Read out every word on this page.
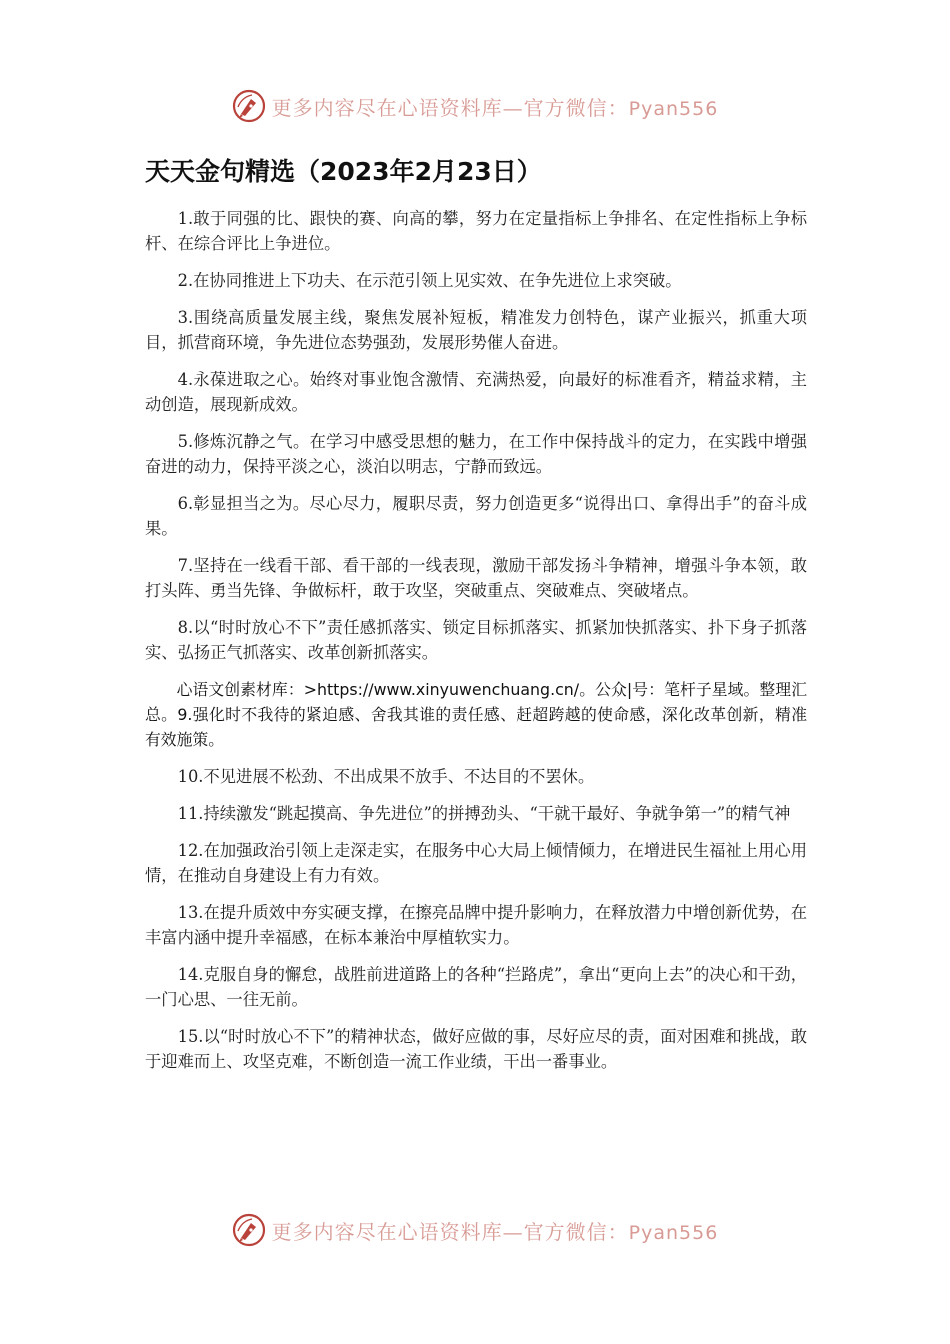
更多内容尽在心语资料库—官方微信：Pyan556
天天金句精选（2023年2月23日）

1.敢于同强的比、跟快的赛、向高的攀，努力在定量指标上争排名、在定性指标上争标杆、在综合评比上争进位。

2.在协同推进上下功夫、在示范引领上见实效、在争先进位上求突破。

3.围绕高质量发展主线，聚焦发展补短板，精准发力创特色，谋产业振兴，抓重大项目，抓营商环境，争先进位态势强劲，发展形势催人奋进。

4.永葆进取之心。始终对事业饱含激情、充满热爱，向最好的标准看齐，精益求精，主动创造，展现新成效。

5.修炼沉静之气。在学习中感受思想的魅力，在工作中保持战斗的定力，在实践中增强奋进的动力，保持平淡之心，淡泊以明志，宁静而致远。

6.彰显担当之为。尽心尽力，履职尽责，努力创造更多“说得出口、拿得出手”的奋斗成果。

7.坚持在一线看干部、看干部的一线表现，激励干部发扬斗争精神，增强斗争本领，敢打头阵、勇当先锋、争做标杆，敢于攻坚，突破重点、突破难点、突破堵点。

8.以“时时放心不下”责任感抓落实、锁定目标抓落实、抓紧加快抓落实、扑下身子抓落实、弘扬正气抓落实、改革创新抓落实。

心语文创素材库：>https://www.xinyuwenchuang.cn/。公众|号：笔杆子星域。整理汇总。9.强化时不我待的紧迫感、舍我其谁的责任感、赶超跨越的使命感，深化改革创新，精准有效施策。

10.不见进展不松劲、不出成果不放手、不达目的不罢休。

11.持续激发“跳起摸高、争先进位”的拼搏劲头、“干就干最好、争就争第一”的精气神

12.在加强政治引领上走深走实，在服务中心大局上倾情倾力，在增进民生福祉上用心用情，在推动自身建设上有力有效。

13.在提升质效中夯实硬支撑，在擦亮品牌中提升影响力，在释放潜力中增创新优势，在丰富内涵中提升幸福感，在标本兼治中厚植软实力。

14.克服自身的懈怠，战胜前进道路上的各种“拦路虎”，拿出“更向上去”的决心和干劲，一门心思、一往无前。

15.以“时时放心不下”的精神状态，做好应做的事，尽好应尽的责，面对困难和挑战，敢于迎难而上、攻坚克难，不断创造一流工作业绩，干出一番事业。

更多内容尽在心语资料库—官方微信：Pyan556
